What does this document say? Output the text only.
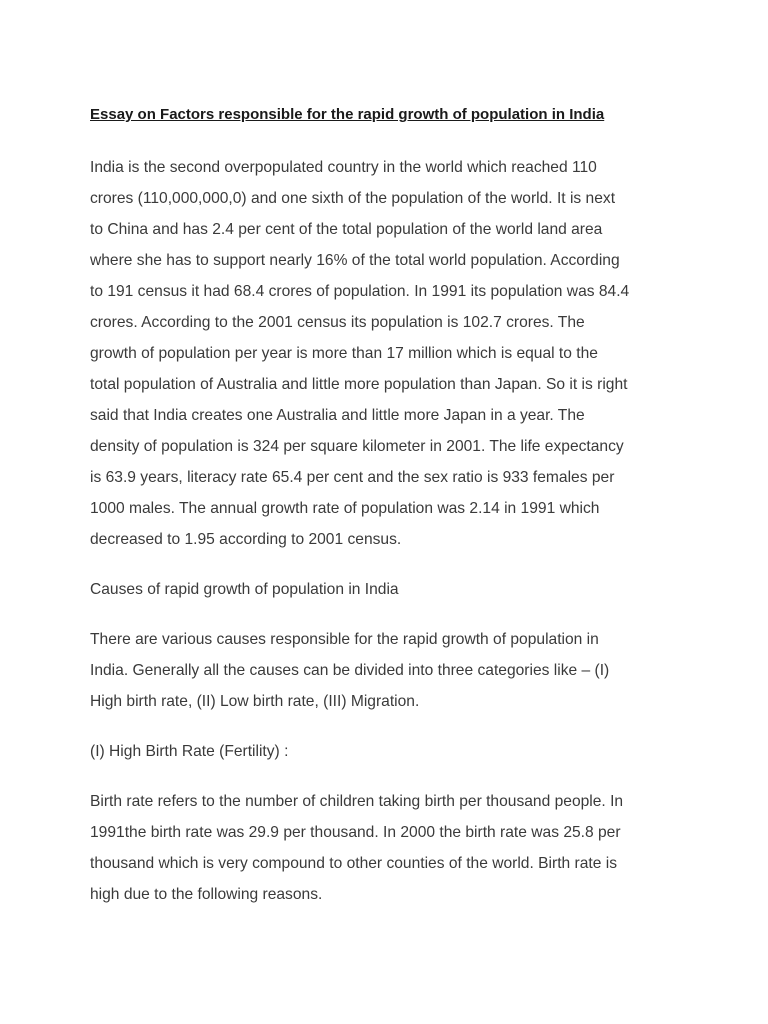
Essay on Factors responsible for the rapid growth of population in India
India is the second overpopulated country in the world which reached 110
crores (110,000,000,0) and one sixth of the population of the world. It is next
to China and has 2.4 per cent of the total population of the world land area
where she has to support nearly 16% of the total world population. According
to 191 census it had 68.4 crores of population. In 1991 its population was 84.4
crores. According to the 2001 census its population is 102.7 crores. The
growth of population per year is more than 17 million which is equal to the
total population of Australia and little more population than Japan. So it is right
said that India creates one Australia and little more Japan in a year. The
density of population is 324 per square kilometer in 2001. The life expectancy
is 63.9 years, literacy rate 65.4 per cent and the sex ratio is 933 females per
1000 males. The annual growth rate of population was 2.14 in 1991 which
decreased to 1.95 according to 2001 census.
Causes of rapid growth of population in India
There are various causes responsible for the rapid growth of population in
India. Generally all the causes can be divided into three categories like – (I)
High birth rate, (II) Low birth rate, (III) Migration.
(I) High Birth Rate (Fertility) :
Birth rate refers to the number of children taking birth per thousand people. In
1991the birth rate was 29.9 per thousand. In 2000 the birth rate was 25.8 per
thousand which is very compound to other counties of the world. Birth rate is
high due to the following reasons.
